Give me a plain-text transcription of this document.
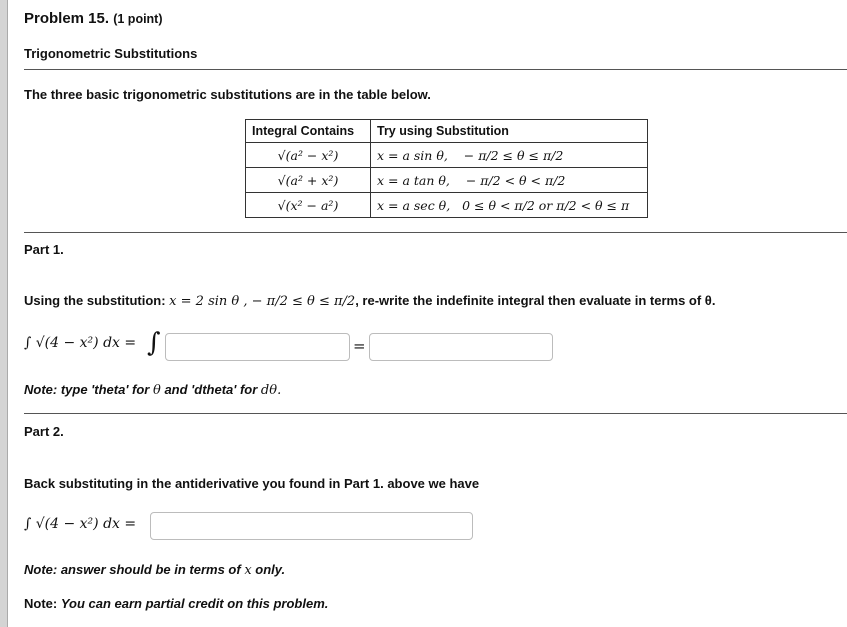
Problem 15. (1 point)
Trigonometric Substitutions
The three basic trigonometric substitutions are in the table below.
Integral Contains	Try using Substitution
√(a² − x²)	x = a sin θ, − π/2 ≤ θ ≤ π/2
√(a² + x²)	x = a tan θ, − π/2 < θ < π/2
√(x² − a²)	x = a sec θ, 0 ≤ θ < π/2 or π/2 < θ ≤ π
Part 1.
Using the substitution: x = 2 sin θ , − π/2 ≤ θ ≤ π/2, re-write the indefinite integral then evaluate in terms of θ.
∫ √(4 − x²) dx = ∫	=
Note: type 'theta' for θ and 'dtheta' for dθ.
Part 2.
Back substituting in the antiderivative you found in Part 1. above we have
∫ √(4 − x²) dx =
Note: answer should be in terms of x only.
Note: You can earn partial credit on this problem.
